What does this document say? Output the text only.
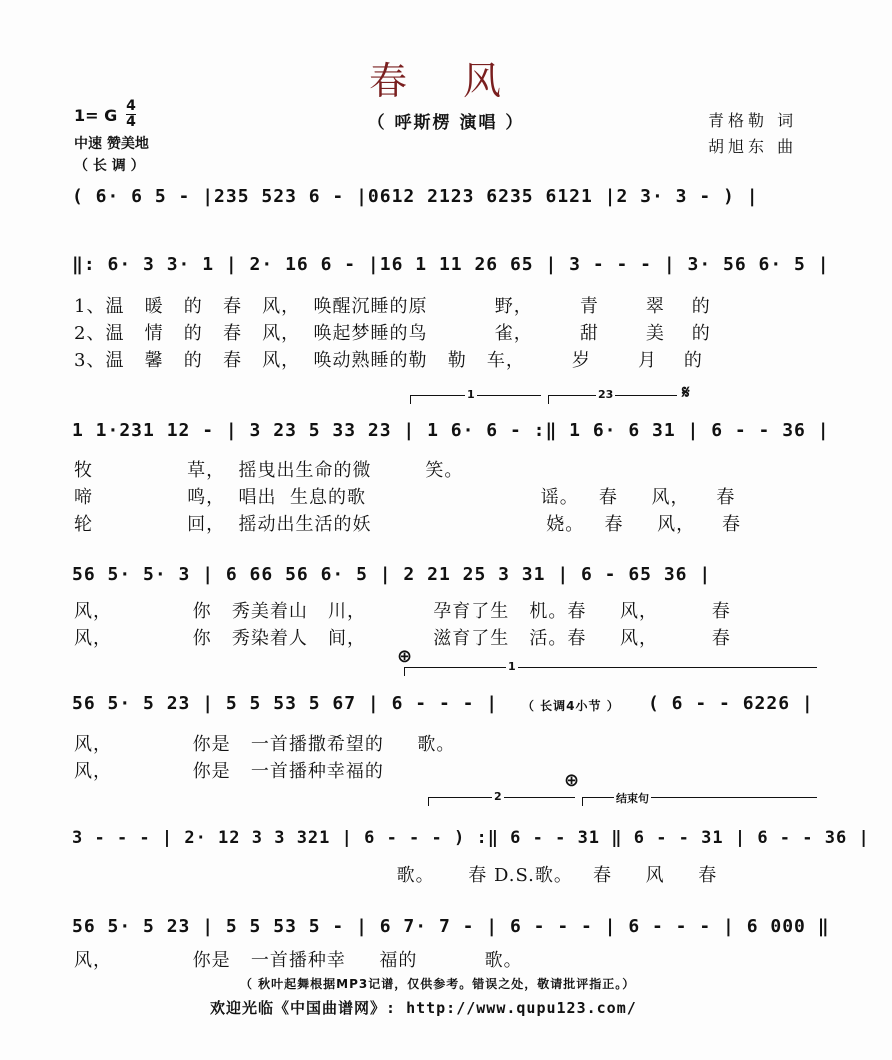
春 风
（ 呼斯楞 演唱 ）
1= G 4
4
中速 赞美地
（ 长 调 ）
青格勒 词
胡旭东 曲
( 6· 6 5 - |235 523 6 - |0612 2123 6235 6121 |2 3· 3 - ) |
‖: 6· 3 3· 1 | 2· 16 6 - |16 1 11 26 65 | 3 - - - | 3· 56 6· 5 |
1、温   暖   的   春   风，  唤醒沉睡的原          野，       青       翠    的
2、温   情   的   春   风，  唤起梦睡的鸟          雀，       甜       美    的
3、温   馨   的   春   风，  唤动熟睡的勒   勒   车，       岁       月    的
1	23	𝄋
1 1·231 12 - | 3 23 5 33 23 | 1 6· 6 - :‖ 1 6· 6 31 | 6 - - 36 |
牧              草，  摇曳出生命的微        笑。
啼              鸣，  唱出  生息的歌                          谣。   春     风，    春
轮              回，  摇动出生活的妖                          娆。   春     风，    春
56 5· 5· 3 | 6 66 56 6· 5 | 2 21 25 3 31 | 6 - 65 36 |
风，            你   秀美着山   川，          孕育了生   机。春     风，        春
风，            你   秀染着人   间，          滋育了生   活。春     风，        春
⊕	1
56 5· 5 23 | 5 5 53 5 67 | 6 - - - | （ 长调4小节 ） ( 6 - - 6226 |
风，            你是   一首播撒希望的     歌。
风，            你是   一首播种幸福的	⊕
2	结束句
3 - - - | 2· 12 3 3 321 | 6 - - - ) :‖ 6 - - 31 ‖ 6 - - 31 | 6 - - 36 |
歌。     春 D.S.歌。   春     风     春
56 5· 5 23 | 5 5 53 5 - | 6 7· 7 - | 6 - - - | 6 - - - | 6 000 ‖
风，            你是   一首播种幸     福的          歌。
（ 秋叶起舞根据MP3记谱，仅供参考。错误之处，敬请批评指正。）
欢迎光临《中国曲谱网》: http://www.qupu123.com/
